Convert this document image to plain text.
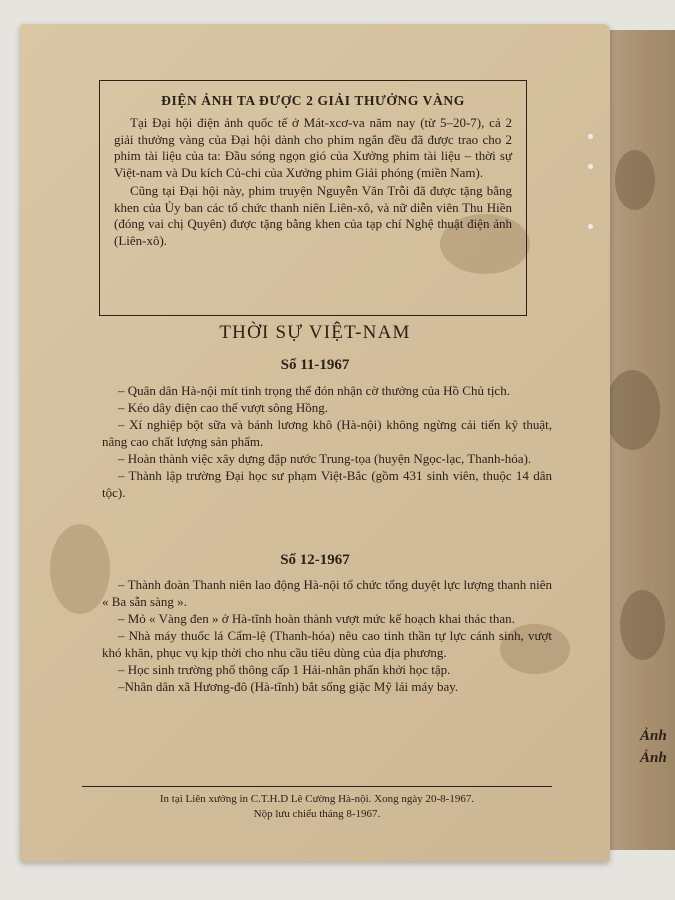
Ảnh
Ảnh
ĐIỆN ẢNH TA ĐƯỢC 2 GIẢI THƯỞNG VÀNG

Tại Đại hội điện ảnh quốc tế ở Mát-xcơ-va năm nay (từ 5–20-7), cả 2 giải thưởng vàng của Đại hội dành cho phim ngắn đều đã được trao cho 2 phim tài liệu của ta: Đầu sóng ngọn gió của Xưởng phim tài liệu – thời sự Việt-nam và Du kích Củ-chi của Xưởng phim Giải phóng (miền Nam).

Cũng tại Đại hội này, phim truyện Nguyễn Văn Trỗi đã được tặng bằng khen của Ủy ban các tổ chức thanh niên Liên-xô, và nữ diễn viên Thu Hiền (đóng vai chị Quyên) được tặng bằng khen của tạp chí Nghệ thuật điện ảnh (Liên-xô).

THỜI SỰ VIỆT-NAM
Số 11-1967

– Quân dân Hà-nội mít tinh trọng thể đón nhận cờ thưởng của Hồ Chủ tịch.

– Kéo dây điện cao thế vượt sông Hồng.

– Xí nghiệp bột sữa và bánh lương khô (Hà-nội) không ngừng cải tiến kỹ thuật, nâng cao chất lượng sản phẩm.

– Hoàn thành việc xây dựng đập nước Trung-tọa (huyện Ngọc-lạc, Thanh-hóa).

– Thành lập trường Đại học sư phạm Việt-Bắc (gồm 431 sinh viên, thuộc 14 dân tộc).

Số 12-1967

– Thành đoàn Thanh niên lao động Hà-nội tổ chức tổng duyệt lực lượng thanh niên « Ba sẵn sàng ».

– Mỏ « Vàng đen » ở Hà-tĩnh hoàn thành vượt mức kế hoạch khai thác than.

– Nhà máy thuốc lá Cẩm-lệ (Thanh-hóa) nêu cao tinh thần tự lực cánh sinh, vượt khó khăn, phục vụ kịp thời cho nhu cầu tiêu dùng của địa phương.

– Học sinh trường phổ thông cấp 1 Hải-nhân phấn khởi học tập.

–Nhân dân xã Hương-đô (Hà-tĩnh) bắt sống giặc Mỹ lái máy bay.

In tại Liên xưởng in C.T.H.D Lê Cường Hà-nội. Xong ngày 20-8-1967.
Nộp lưu chiểu tháng 8-1967.
